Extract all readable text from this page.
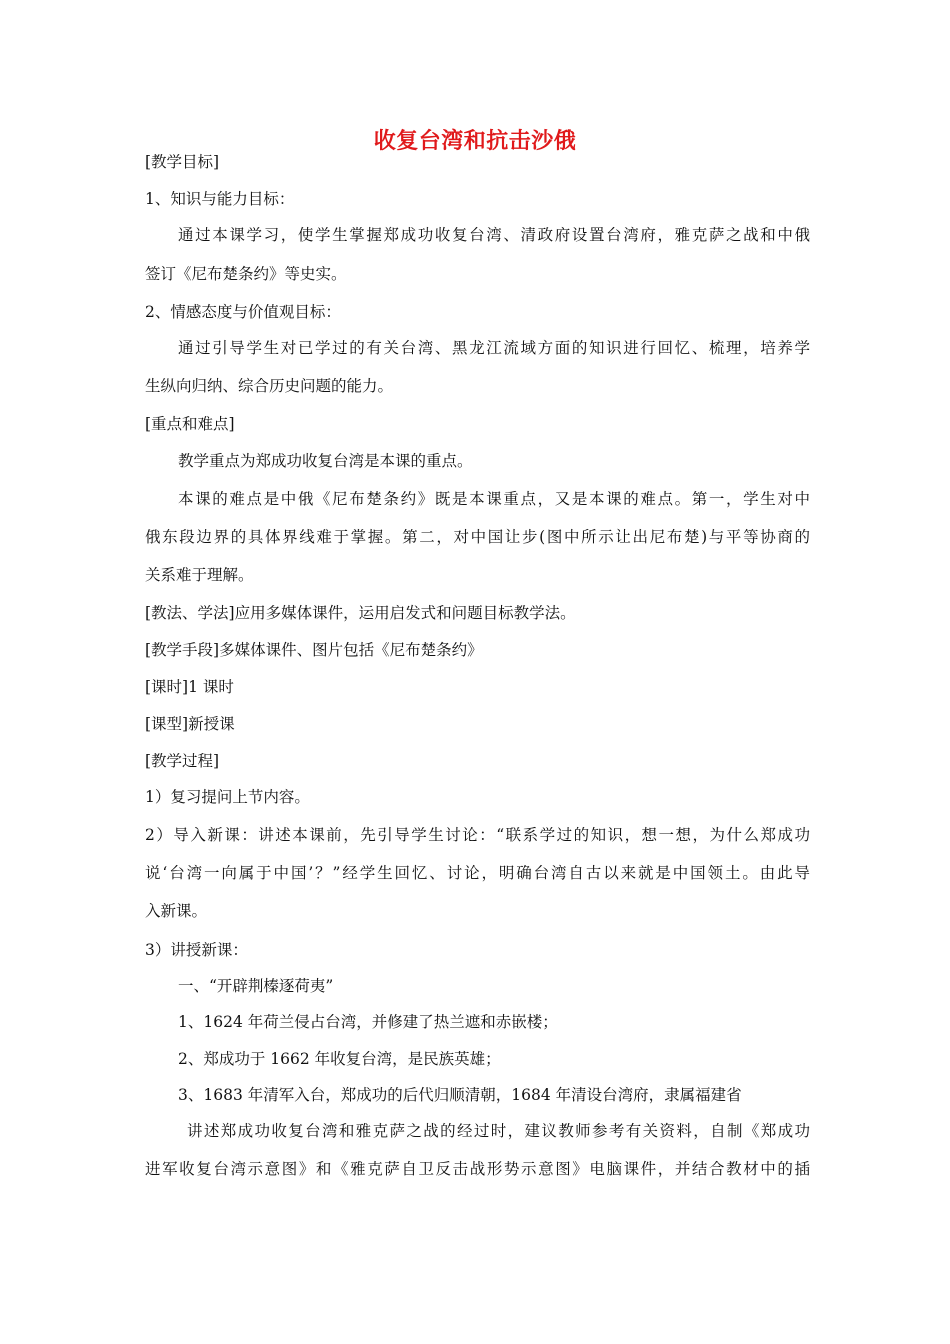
收复台湾和抗击沙俄
[教学目标]
1、知识与能力目标：
通过本课学习，使学生掌握郑成功收复台湾、清政府设置台湾府，雅克萨之战和中俄
签订《尼布楚条约》等史实。
2、情感态度与价值观目标：
通过引导学生对已学过的有关台湾、黑龙江流域方面的知识进行回忆、梳理，培养学
生纵向归纳、综合历史问题的能力。
[重点和难点]
教学重点为郑成功收复台湾是本课的重点。
本课的难点是中俄《尼布楚条约》既是本课重点，又是本课的难点。第一，学生对中
俄东段边界的具体界线难于掌握。第二，对中国让步(图中所示让出尼布楚)与平等协商的
关系难于理解。
[教法、学法]应用多媒体课件，运用启发式和问题目标教学法。
[教学手段]多媒体课件、图片包括《尼布楚条约》
[课时]1 课时
[课型]新授课
[教学过程]
1）复习提问上节内容。
2）导入新课：讲述本课前，先引导学生讨论：“联系学过的知识，想一想，为什么郑成功
说‘台湾一向属于中国’？”经学生回忆、讨论，明确台湾自古以来就是中国领土。由此导
入新课。
3）讲授新课：
一、“开辟荆榛逐荷夷”
1、1624 年荷兰侵占台湾，并修建了热兰遮和赤嵌楼；
2、郑成功于 1662 年收复台湾，是民族英雄；
3、1683 年清军入台，郑成功的后代归顺清朝，1684 年清设台湾府，隶属福建省
讲述郑成功收复台湾和雅克萨之战的经过时，建议教师参考有关资料，自制《郑成功
进军收复台湾示意图》和《雅克萨自卫反击战形势示意图》电脑课件，并结合教材中的插
